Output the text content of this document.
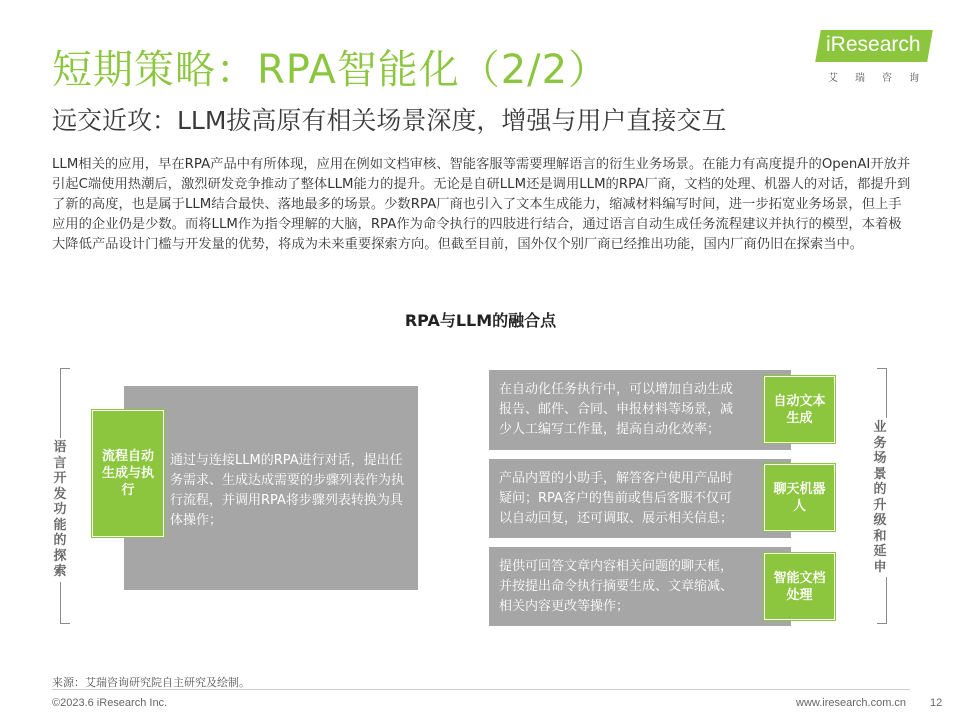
短期策略：RPA智能化（2/2）
远交近攻：LLM拔高原有相关场景深度，增强与用户直接交互
iResearch
艾瑞咨询
LLM相关的应用，早在RPA产品中有所体现，应用在例如文档审核、智能客服等需要理解语言的衍生业务场景。在能力有高度提升的OpenAI开放并引起C端使用热潮后，激烈研发竞争推动了整体LLM能力的提升。无论是自研LLM还是调用LLM的RPA厂商，文档的处理、机器人的对话，都提升到了新的高度，也是属于LLM结合最快、落地最多的场景。少数RPA厂商也引入了文本生成能力，缩减材料编写时间，进一步拓宽业务场景，但上手应用的企业仍是少数。而将LLM作为指令理解的大脑，RPA作为命令执行的四肢进行结合，通过语言自动生成任务流程建议并执行的模型，本着极大降低产品设计门槛与开发量的优势，将成为未来重要探索方向。但截至目前，国外仅个别厂商已经推出功能，国内厂商仍旧在探索当中。
RPA与LLM的融合点
语言开发功能的探索
业务场景的升级和延申
通过与连接LLM的RPA进行对话，提出任务需求、生成达成需要的步骤列表作为执行流程，并调用RPA将步骤列表转换为具体操作；
流程自动生成与执行
在自动化任务执行中，可以增加自动生成报告、邮件、合同、申报材料等场景，减少人工编写工作量，提高自动化效率；
产品内置的小助手，解答客户使用产品时疑问；RPA客户的售前或售后客服不仅可以自动回复，还可调取、展示相关信息；
提供可回答文章内容相关问题的聊天框，并按提出命令执行摘要生成、文章缩减、相关内容更改等操作；
自动文本生成
聊天机器人
智能文档处理
来源：艾瑞咨询研究院自主研究及绘制。
©2023.6 iResearch Inc.	www.iresearch.com.cn 12
